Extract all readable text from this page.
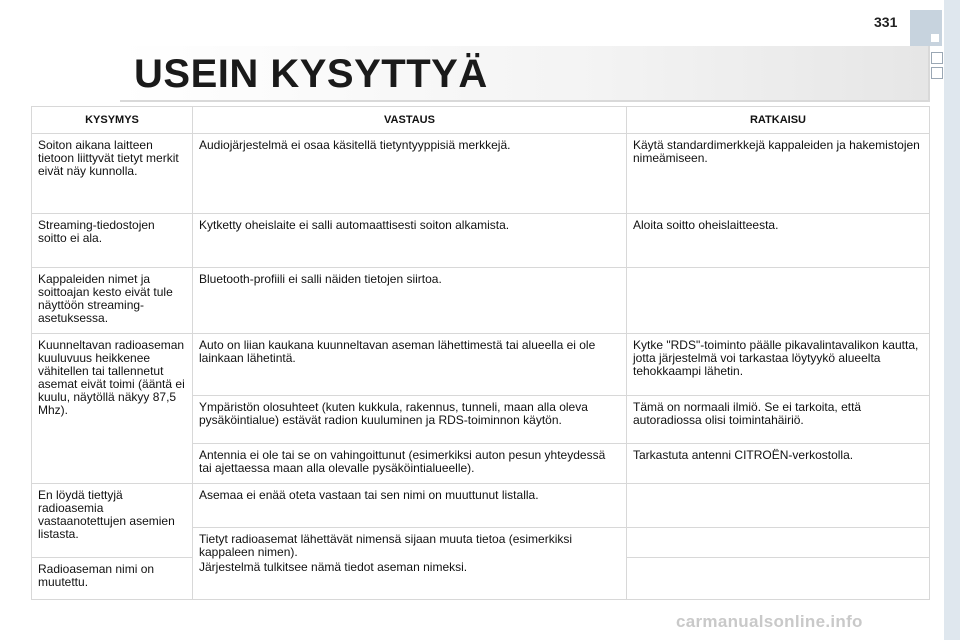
331
USEIN KYSYTTYÄ
KYSYMYS	VASTAUS	RATKAISU
Soiton aikana laitteen tietoon liittyvät tietyt merkit eivät näy kunnolla.	Audiojärjestelmä ei osaa käsitellä tietyntyyppisiä merkkejä.	Käytä standardimerkkejä kappaleiden ja hakemistojen nimeämiseen.
Streaming-tiedostojen soitto ei ala.	Kytketty oheislaite ei salli automaattisesti soiton alkamista.	Aloita soitto oheislaitteesta.
Kappaleiden nimet ja soittoajan kesto eivät tule näyttöön streaming-asetuksessa.	Bluetooth-profiili ei salli näiden tietojen siirtoa.	
Kuunneltavan radioaseman kuuluvuus heikkenee vähitellen tai tallennetut asemat eivät toimi (ääntä ei kuulu, näytöllä näkyy 87,5 Mhz).	Auto on liian kaukana kuunneltavan aseman lähettimestä tai alueella ei ole lainkaan lähetintä.	Kytke "RDS"-toiminto päälle pikavalintavalikon kautta, jotta järjestelmä voi tarkastaa löytyykö alueelta tehokkaampi lähetin.
	Ympäristön olosuhteet (kuten kukkula, rakennus, tunneli, maan alla oleva pysäköintialue) estävät radion kuuluminen ja RDS-toiminnon käytön.	Tämä on normaali ilmiö. Se ei tarkoita, että autoradiossa olisi toimintahäiriö.
	Antennia ei ole tai se on vahingoittunut (esimerkiksi auton pesun yhteydessä tai ajettaessa maan alla olevalle pysäköintialueelle).	Tarkastuta antenni CITROËN-verkostolla.
En löydä tiettyjä radioasemia vastaanotettujen asemien listasta.	Asemaa ei enää oteta vastaan tai sen nimi on muuttunut listalla.	

	Tietyt radioasemat lähettävät nimensä sijaan muuta tietoa (esimerkiksi kappaleen nimen).
Järjestelmä tulkitsee nämä tiedot aseman nimeksi.	

Radioaseman nimi on muutettu.		
carmanualsonline.info
